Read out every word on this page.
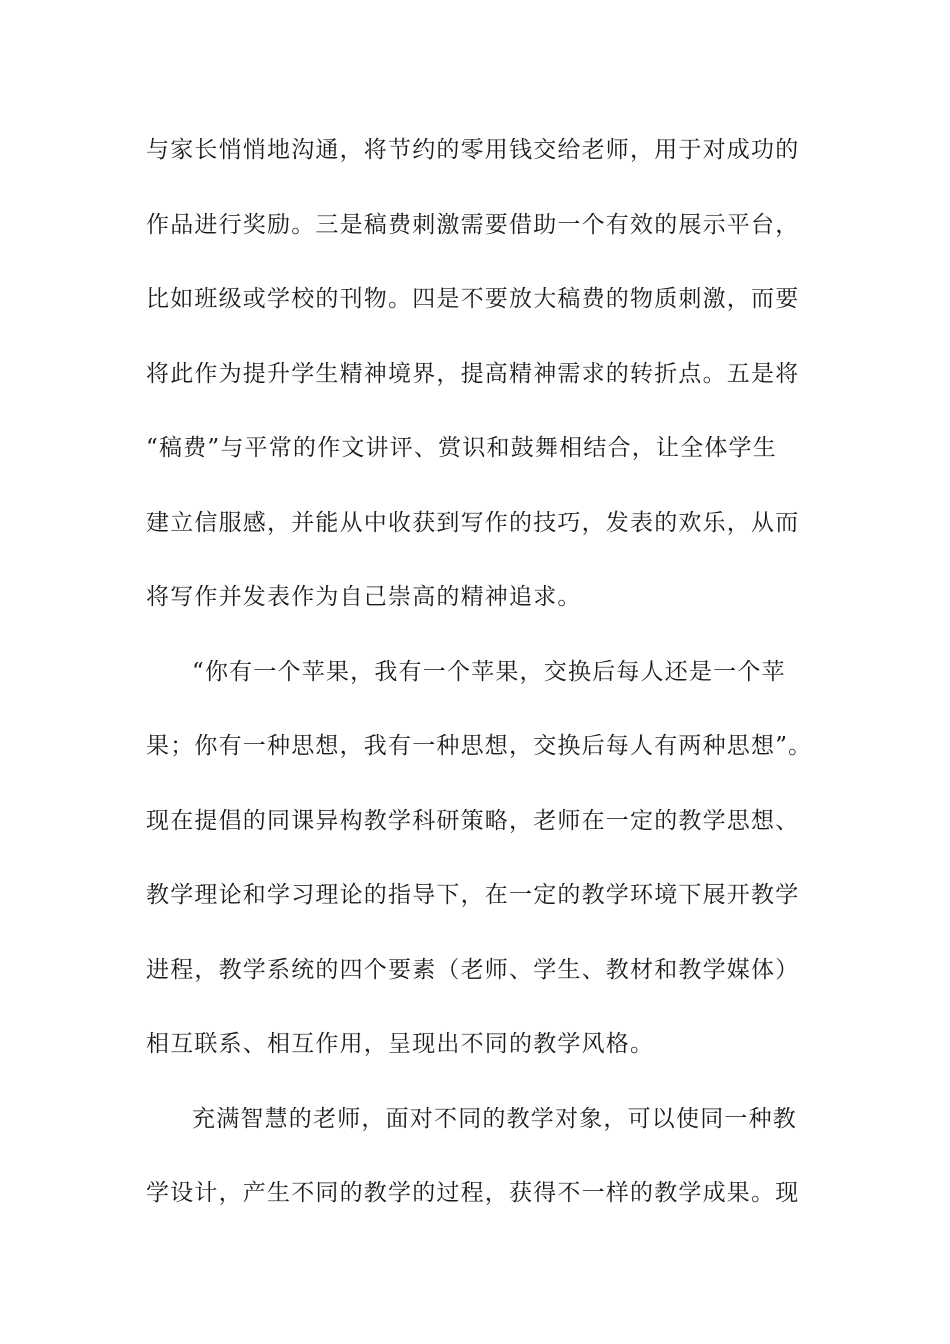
与家长悄悄地沟通，将节约的零用钱交给老师，用于对成功的
作品进行奖励。三是稿费刺激需要借助一个有效的展示平台，
比如班级或学校的刊物。四是不要放大稿费的物质刺激，而要
将此作为提升学生精神境界，提高精神需求的转折点。五是将
“稿费”与平常的作文讲评、赏识和鼓舞相结合，让全体学生
建立信服感，并能从中收获到写作的技巧，发表的欢乐，从而
将写作并发表作为自己崇高的精神追求。
“你有一个苹果，我有一个苹果，交换后每人还是一个苹
果；你有一种思想，我有一种思想，交换后每人有两种思想”。
现在提倡的同课异构教学科研策略，老师在一定的教学思想、
教学理论和学习理论的指导下，在一定的教学环境下展开教学
进程，教学系统的四个要素（老师、学生、教材和教学媒体）
相互联系、相互作用，呈现出不同的教学风格。
充满智慧的老师，面对不同的教学对象，可以使同一种教
学设计，产生不同的教学的过程，获得不一样的教学成果。现
